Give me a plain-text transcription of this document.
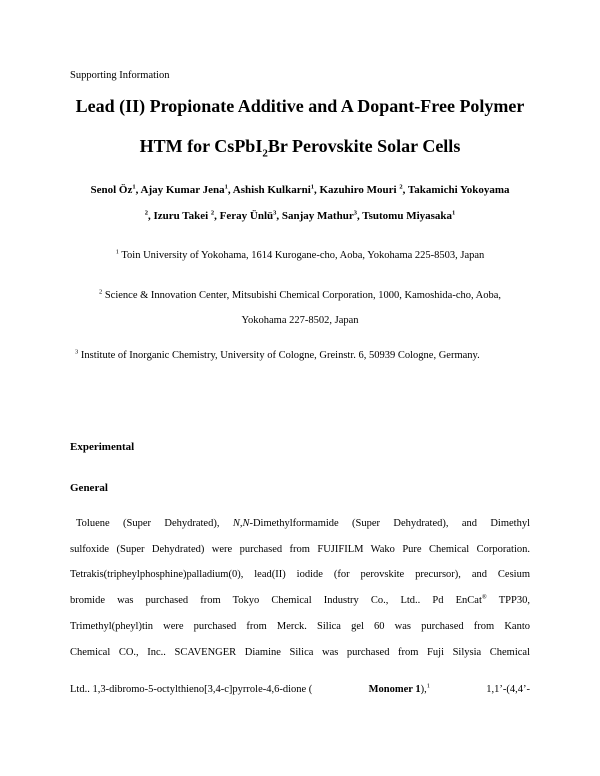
Supporting Information
Lead (II) Propionate Additive and A Dopant-Free Polymer
HTM for CsPbI$_2$Br Perovskite Solar Cells
Senol $Öz^1$, Ajay Kumar Jena$^1$, Ashish Kulkarni$^1$, Kazuhiro Mouri $^2$, Takamichi Yokoyama
$^2$, Izuru Takei $^2$, Feray Ünlü$^3$, Sanjay Mathur$^3$, Tsutomu Miyasaka$^1$
$^1$ Toin University of Yokohama, 1614 Kurogane-cho, Aoba, Yokohama 225-8503, Japan
$^2$ Science & Innovation Center, Mitsubishi Chemical Corporation, 1000, Kamoshida-cho, Aoba,
Yokohama 227-8502, Japan
$^3$ Institute of Inorganic Chemistry, University of Cologne, Greinstr. 6, 50939 Cologne, Germany.
Experimental
General
Toluene (Super Dehydrated), N,N-Dimethylformamide (Super Dehydrated), and Dimethyl
sulfoxide (Super Dehydrated) were purchased from FUJIFILM Wako Pure Chemical Corporation.
Tetrakis(tripheylphosphine)palladium(0), lead(II) iodide (for perovskite precursor), and Cesium
bromide was purchased from Tokyo Chemical Industry Co., Ltd.. Pd EnCat® TPP30,
Trimethyl(pheyl)tin were purchased from Merck. Silica gel 60 was purchased from Kanto
Chemical CO., Inc.. SCAVENGER Diamine Silica was purchased from Fuji Silysia Chemical
Ltd.. 1,3-dibromo-5-octylthieno[3,4-c]pyrrole-4,6-dione (	Monomer 1),$^1$	1,1’-(4,4’-
